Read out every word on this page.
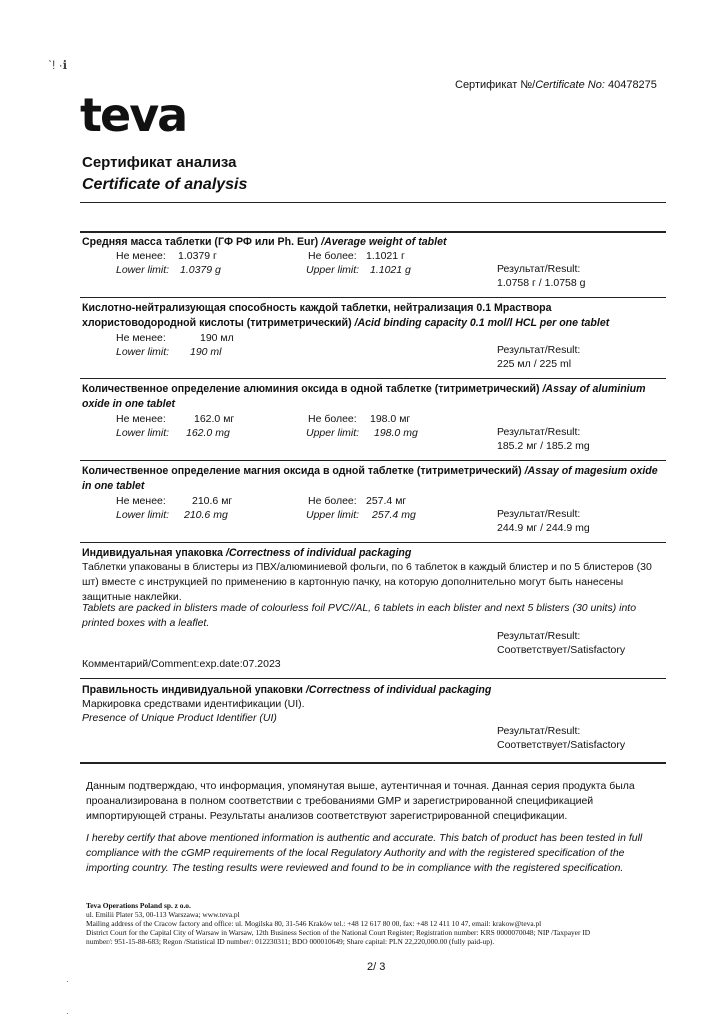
ˋ! ·ℹ
Сертификат №/Certificate No: 40478275
teva
Сертификат анализа
Certificate of analysis
Средняя масса таблетки (ГФ РФ или Ph. Eur) /Average weight of tablet
Не менее: 1.0379 г	Не более: 1.1021 г
Lower limit: 1.0379 g	Upper limit: 1.1021 g	Результат/Result:
1.0758 г / 1.0758 g
Кислотно-нейтрализующая способность каждой таблетки, нейтрализация 0.1 Мраствора хлористоводородной кислоты (титриметрический) /Acid binding capacity 0.1 mol/l HCL per one tablet
Не менее:	190 мл
Lower limit: 190 ml	Результат/Result:
225 мл / 225 ml
Количественное определение алюминия оксида в одной таблетке (титриметрический) /Assay of aluminium oxide in one tablet
Не менее:	162.0 мг	Не более: 198.0 мг
Lower limit: 162.0 mg	Upper limit: 198.0 mg	Результат/Result:
185.2 мг / 185.2 mg
Количественное определение магния оксида в одной таблетке (титриметрический) /Assay of magesium oxide in one tablet
Не менее: 210.6 мг	Не более: 257.4 мг
Lower limit: 210.6 mg	Upper limit: 257.4 mg	Результат/Result:
244.9 мг / 244.9 mg
Индивидуальная упаковка /Correctness of individual packaging
Таблетки упакованы в блистеры из ПВХ/алюминиевой фольги, по 6 таблеток в каждый блистер и по 5 блистеров (30 шт) вместе с инструкцией по применению в картонную пачку, на которую дополнительно могут быть нанесены защитные наклейки.
Tablets are packed in blisters made of colourless foil PVC//AL, 6 tablets in each blister and next 5 blisters (30 units) into printed boxes with a leaflet.
Результат/Result:
Соответствует/Satisfactory
Комментарий/Comment:exp.date:07.2023
Правильность индивидуальной упаковки /Correctness of individual packaging
Маркировка средствами идентификации (UI).
Presence of Unique Product Identifier (UI)
Результат/Result:
Соответствует/Satisfactory
Данным подтверждаю, что информация, упомянутая выше, аутентичная и точная. Данная серия продукта была проанализирована в полном соответствии с требованиями GMP и зарегистрированной спецификацией импортирующей страны. Результаты анализов соответствуют зарегистрированной спецификации.
I hereby certify that above mentioned information is authentic and accurate. This batch of product has been tested in full compliance with the cGMP requirements of the local Regulatory Authority and with the registered specification of the importing country. The testing results were reviewed and found to be in compliance with the registered specification.
Teva Operations Poland sp. z o.o.
ul. Emilii Plater 53, 00-113 Warszawa; www.teva.pl
Mailing address of the Cracow factory and office: ul. Mogilska 80, 31-546 Kraków tel.: +48 12 617 80 00, fax: +48 12 411 10 47, email: krakow@teva.pl
District Court for the Capital City of Warsaw in Warsaw, 12th Business Section of the National Court Register; Registration number: KRS 0000070048; NIP /Taxpayer ID
number/: 951-15-88-683; Regon /Statistical ID number/: 012230311; BDO 000010649; Share capital: PLN 22,220,000.00 (fully paid-up).
2/ 3
·
·
